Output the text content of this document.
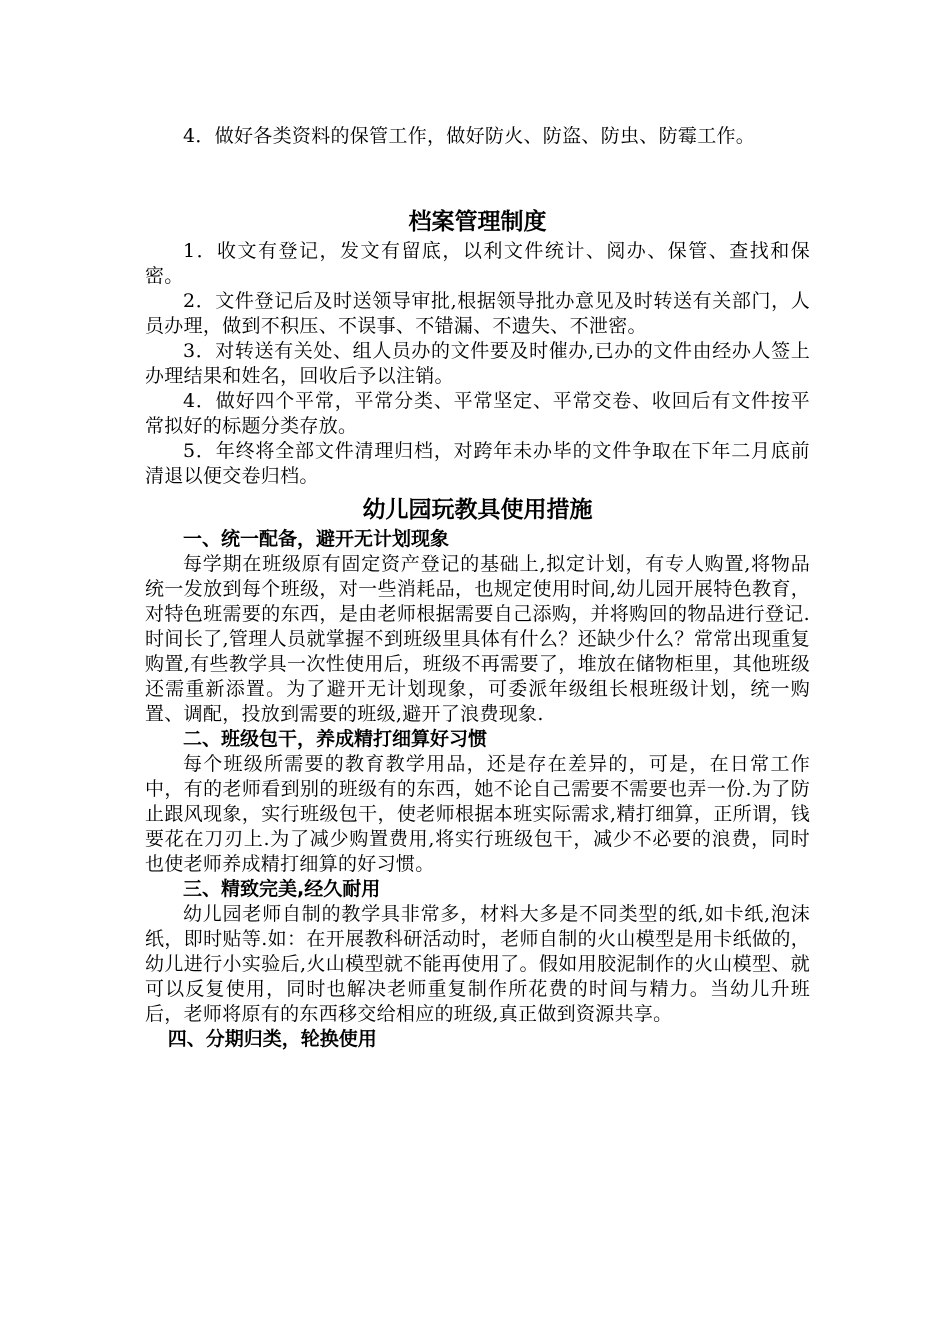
4．做好各类资料的保管工作，做好防火、防盗、防虫、防霉工作。

档案管理制度

1．收文有登记，发文有留底，以利文件统计、阅办、保管、查找和保密。

2．文件登记后及时送领导审批,根据领导批办意见及时转送有关部门，人员办理，做到不积压、不误事、不错漏、不遗失、不泄密。

3．对转送有关处、组人员办的文件要及时催办,已办的文件由经办人签上办理结果和姓名，回收后予以注销。

4．做好四个平常，平常分类、平常坚定、平常交卷、收回后有文件按平常拟好的标题分类存放。

5．年终将全部文件清理归档，对跨年未办毕的文件争取在下年二月底前清退以便交卷归档。

幼儿园玩教具使用措施

一、统一配备，避开无计划现象

每学期在班级原有固定资产登记的基础上,拟定计划，有专人购置,将物品统一发放到每个班级，对一些消耗品，也规定使用时间,幼儿园开展特色教育，对特色班需要的东西，是由老师根据需要自己添购，并将购回的物品进行登记.时间长了,管理人员就掌握不到班级里具体有什么？还缺少什么？常常出现重复购置,有些教学具一次性使用后，班级不再需要了，堆放在储物柜里，其他班级还需重新添置。为了避开无计划现象，可委派年级组长根班级计划，统一购置、调配，投放到需要的班级,避开了浪费现象.

二、班级包干，养成精打细算好习惯

每个班级所需要的教育教学用品，还是存在差异的，可是，在日常工作中，有的老师看到别的班级有的东西，她不论自己需要不需要也弄一份.为了防止跟风现象，实行班级包干，使老师根据本班实际需求,精打细算，正所谓，钱要花在刀刃上.为了减少购置费用,将实行班级包干，减少不必要的浪费，同时也使老师养成精打细算的好习惯。

三、精致完美,经久耐用

幼儿园老师自制的教学具非常多，材料大多是不同类型的纸,如卡纸,泡沫纸，即时贴等.如：在开展教科研活动时，老师自制的火山模型是用卡纸做的，幼儿进行小实验后,火山模型就不能再使用了。假如用胶泥制作的火山模型、就可以反复使用，同时也解决老师重复制作所花费的时间与精力。当幼儿升班后，老师将原有的东西移交给相应的班级,真正做到资源共享。

四、分期归类，轮换使用
